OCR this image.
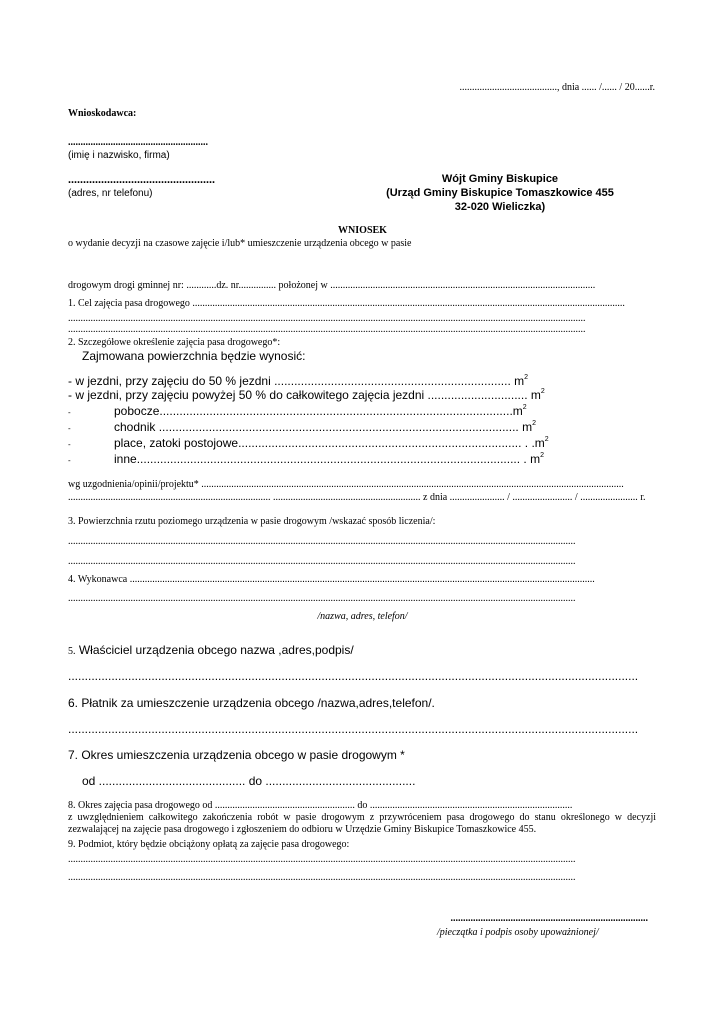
......................................., dnia ...... /...... / 20......r.
Wnioskodawca:
........................................................
(imię i nazwisko, firma)
.................................................
(adres, nr telefonu)
Wójt Gminy Biskupice
(Urząd Gminy Biskupice Tomaszkowice 455
32-020 Wieliczka)
WNIOSEK
o wydanie decyzji na czasowe zajęcie i/lub* umieszczenie urządzenia obcego w pasie
drogowym drogi gminnej nr: ............dz. nr............... położonej w ..........................................................................................................
1. Cel zajęcia pasa drogowego .............................................................................................................................................................................
...............................................................................................................................................................................................................
...............................................................................................................................................................................................................
2. Szczegółowe określenie zajęcia pasa drogowego*:
Zajmowana powierzchnia będzie wynosić:
- w jezdni, przy zajęciu do 50 % jezdni ....................................................................... $m^2$
- w jezdni, przy zajęciu powyżej 50 % do całkowitego zajęcia jezdni .............................. $m^2$
-	$pobocze..........................................................................................................m^2$
-	chodnik ............................................................................................................ $m^2$
-	place, zatoki postojowe..................................................................................... . $.m^2$
-	inne................................................................................................................... . $m^2$
wg uzgodnienia/opinii/projektu* .........................................................................................................................................................................
................................................................................. ........................................................... z dnia ...................... / ........................ / ....................... r.
3. Powierzchnia rzutu poziomego urządzenia w pasie drogowym /wskazać sposób liczenia/:
...........................................................................................................................................................................................................
...........................................................................................................................................................................................................
4. Wykonawca ..........................................................................................................................................................................................
...........................................................................................................................................................................................................
/nazwa, adres, telefon/
5. Właściciel urządzenia obcego nazwa ,adres,podpis/
...........................................................................................................................................................................
6. Płatnik za umieszczenie urządzenia obcego /nazwa,adres,telefon/.
...........................................................................................................................................................................
7. Okres umieszczenia urządzenia obcego w pasie drogowym *
od ............................................ do .............................................
8. Okres zajęcia pasa drogowego od ........................................................ do .................................................................................
z uwzględnieniem całkowitego zakończenia robót w pasie drogowym z przywróceniem pasa drogowego do stanu określonego w decyzji zezwalającej na zajęcie pasa drogowego i zgłoszeniem do odbioru w Urzędzie Gminy Biskupice Tomaszkowice 455.
9. Podmiot, który będzie obciążony opłatą za zajęcie pasa drogowego:
...........................................................................................................................................................................................................
...........................................................................................................................................................................................................
...............................................................................
/pieczątka i podpis osoby upoważnionej/
